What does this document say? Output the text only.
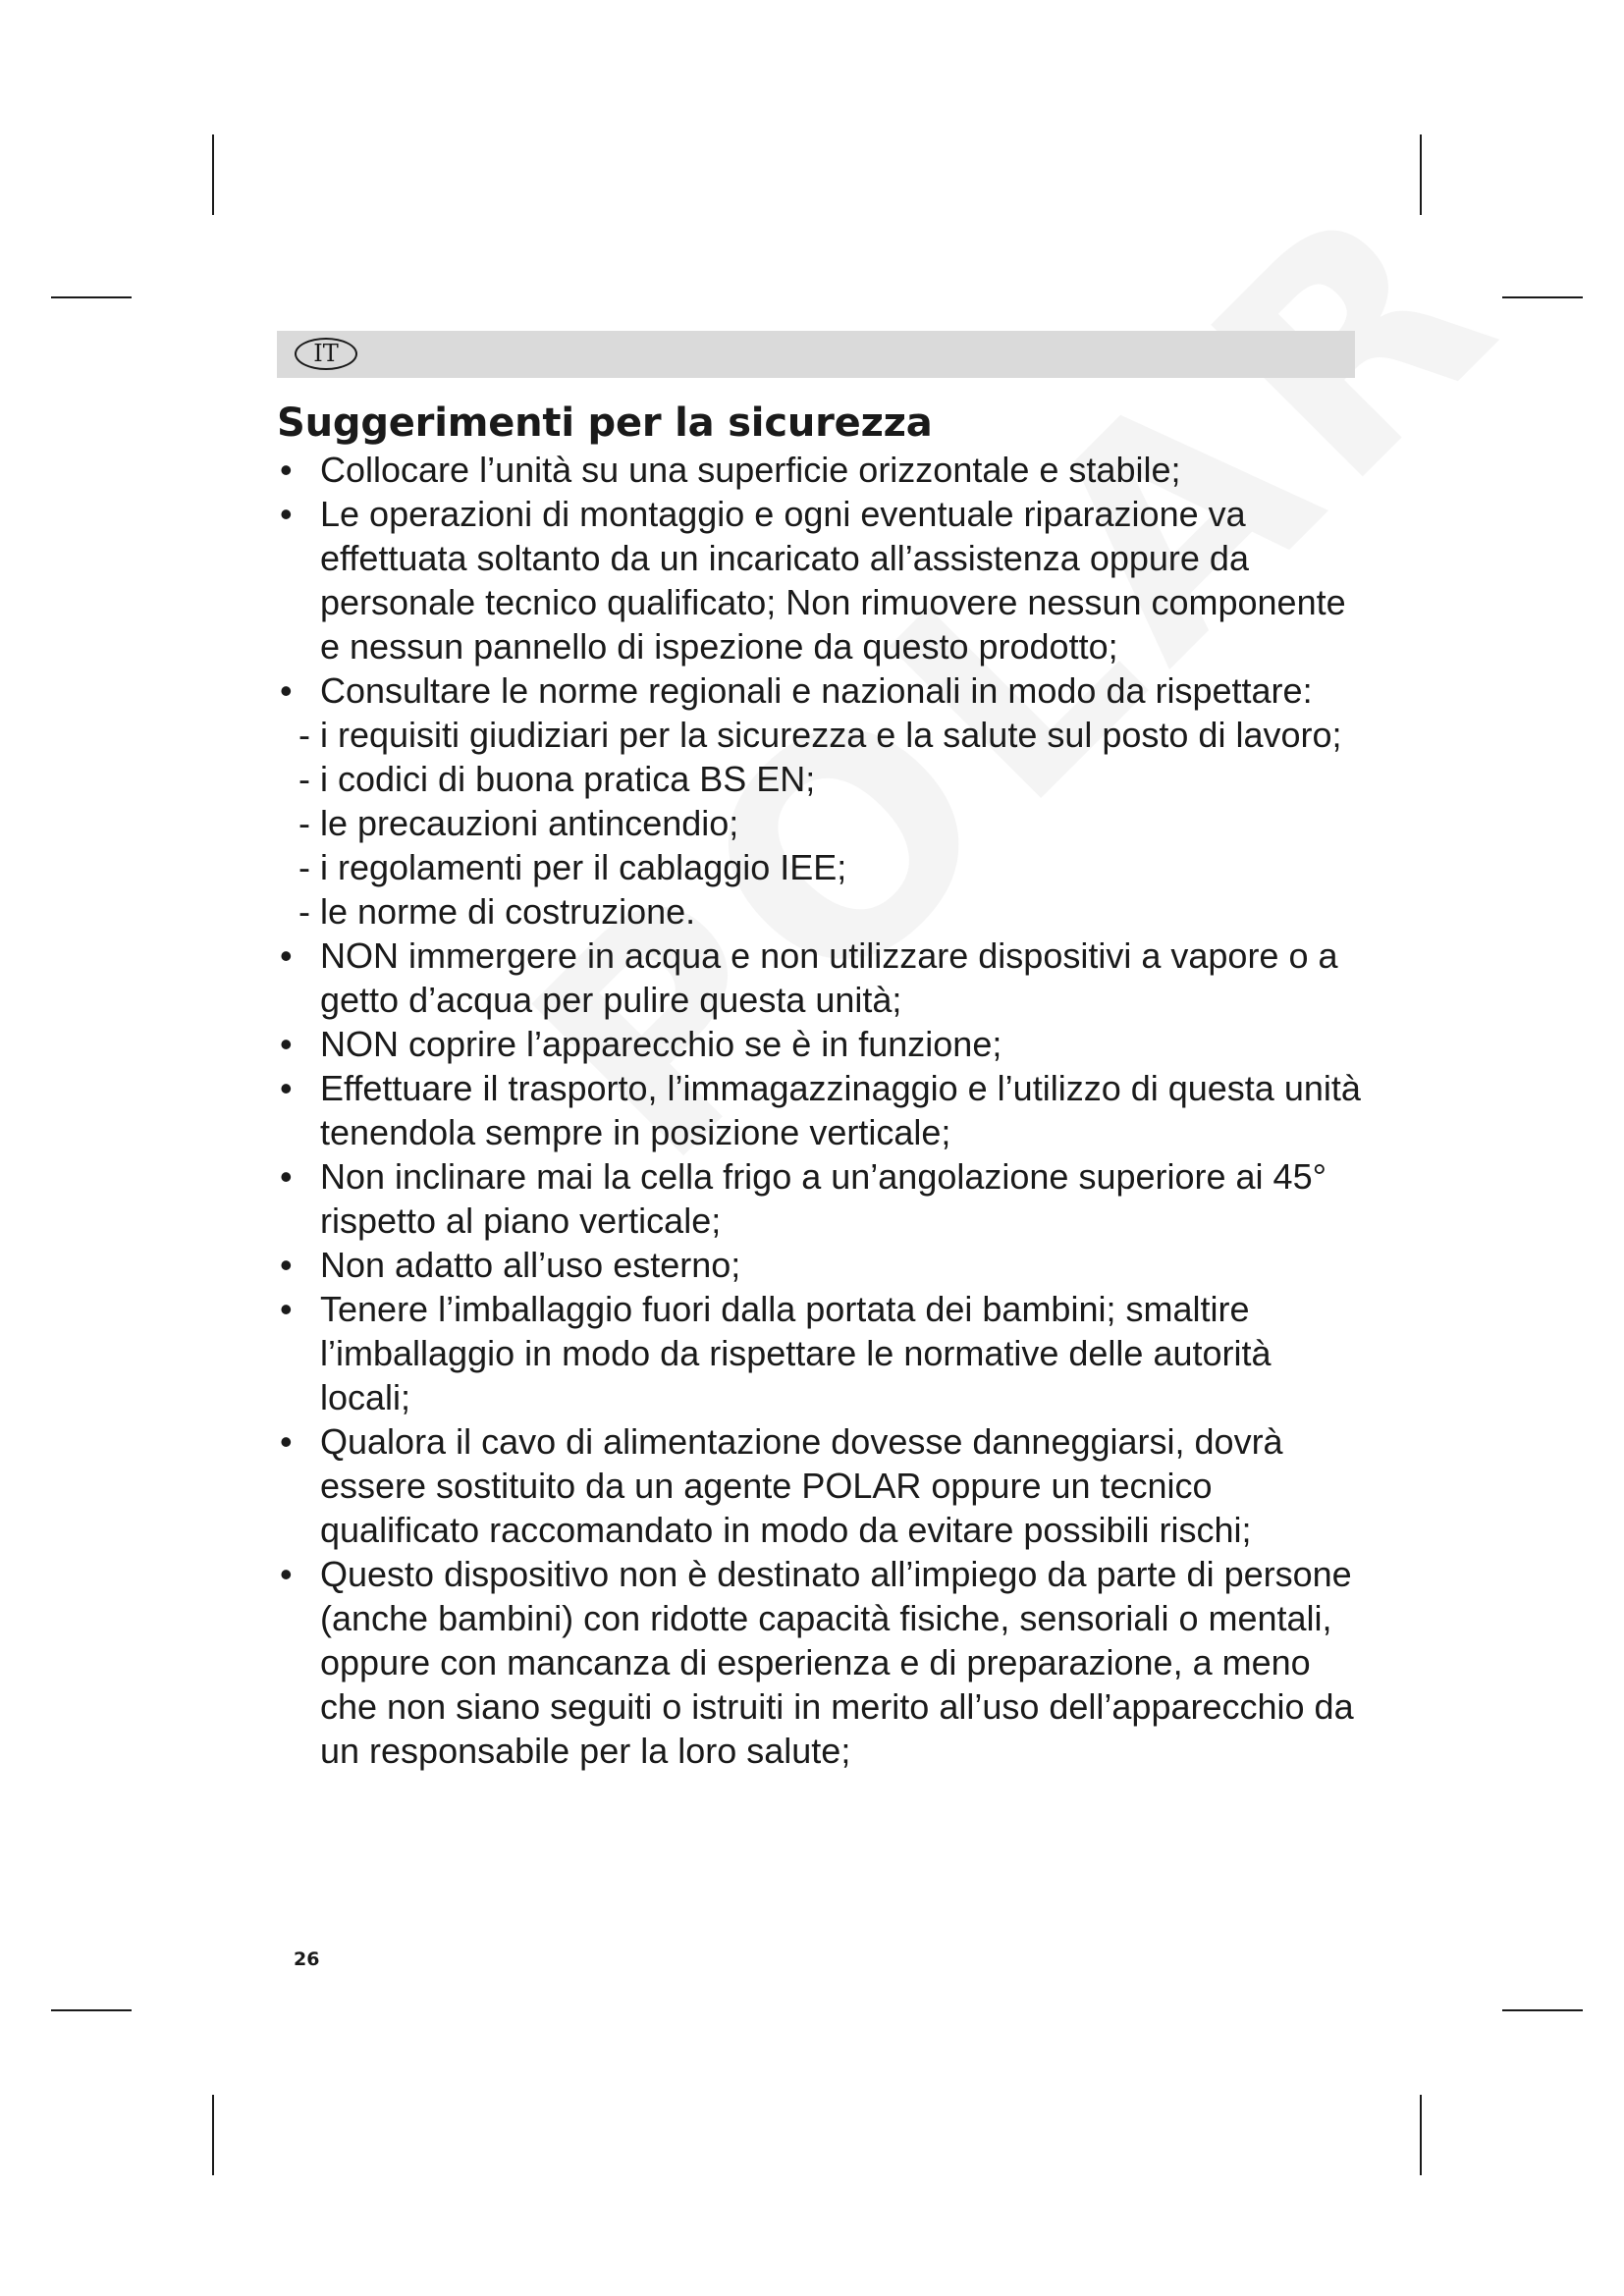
IT
Suggerimenti per la sicurezza
• Collocare l’unità su una superficie orizzontale e stabile;
• Le operazioni di montaggio e ogni eventuale riparazione va effettuata soltanto da un incaricato all’assistenza oppure da personale tecnico qualificato; Non rimuovere nessun componente e nessun pannello di ispezione da questo prodotto;
• Consultare le norme regionali e nazionali in modo da rispettare:
- i requisiti giudiziari per la sicurezza e la salute sul posto di lavoro;
- i codici di buona pratica BS EN;
- le precauzioni antincendio;
- i regolamenti per il cablaggio IEE;
- le norme di costruzione.
• NON immergere in acqua e non utilizzare dispositivi a vapore o a getto d’acqua per pulire questa unità;
• NON coprire l’apparecchio se è in funzione;
• Effettuare il trasporto, l’immagazzinaggio e l’utilizzo di questa unità tenendola sempre in posizione verticale;
• Non inclinare mai la cella frigo a un’angolazione superiore ai 45° rispetto al piano verticale;
• Non adatto all’uso esterno;
• Tenere l’imballaggio fuori dalla portata dei bambini; smaltire l’imballaggio in modo da rispettare le normative delle autorità locali;
• Qualora il cavo di alimentazione dovesse danneggiarsi, dovrà essere sostituito da un agente POLAR oppure un tecnico qualificato raccomandato in modo da evitare possibili rischi;
• Questo dispositivo non è destinato all’impiego da parte di persone (anche bambini) con ridotte capacità fisiche, sensoriali o mentali, oppure con mancanza di esperienza e di preparazione, a meno che non siano seguiti o istruiti in merito all’uso dell’apparecchio da un responsabile per la loro salute;
26
